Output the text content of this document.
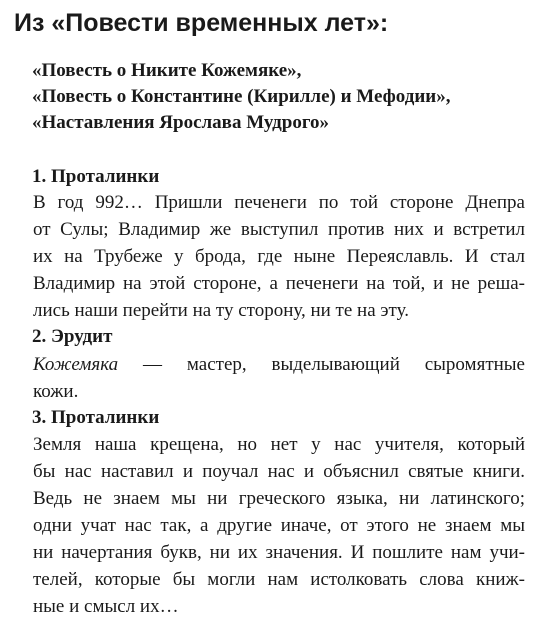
Из «Повести временных лет»:
«Повесть о Никите Кожемяке»,
«Повесть о Константине (Кирилле) и Мефодии»,
«Наставления Ярослава Мудрого»
1. Проталинки

В год 992… Пришли печенеги по той стороне Днепра
от Сулы; Владимир же выступил против них и встретил
их на Трубеже у брода, где ныне Переяславль. И стал
Владимир на этой стороне, а печенеги на той, и не реша-
лись наши перейти на ту сторону, ни те на эту.

2. Эрудит

Кожемяка — мастер, выделывающий сыромятные
кожи.

3. Проталинки

Земля наша крещена, но нет у нас учителя, который
бы нас наставил и поучал нас и объяснил святые книги.
Ведь не знаем мы ни греческого языка, ни латинского;
одни учат нас так, а другие иначе, от этого не знаем мы
ни начертания букв, ни их значения. И пошлите нам учи-
телей, которые бы могли нам истолковать слова книж-
ные и смысл их…
